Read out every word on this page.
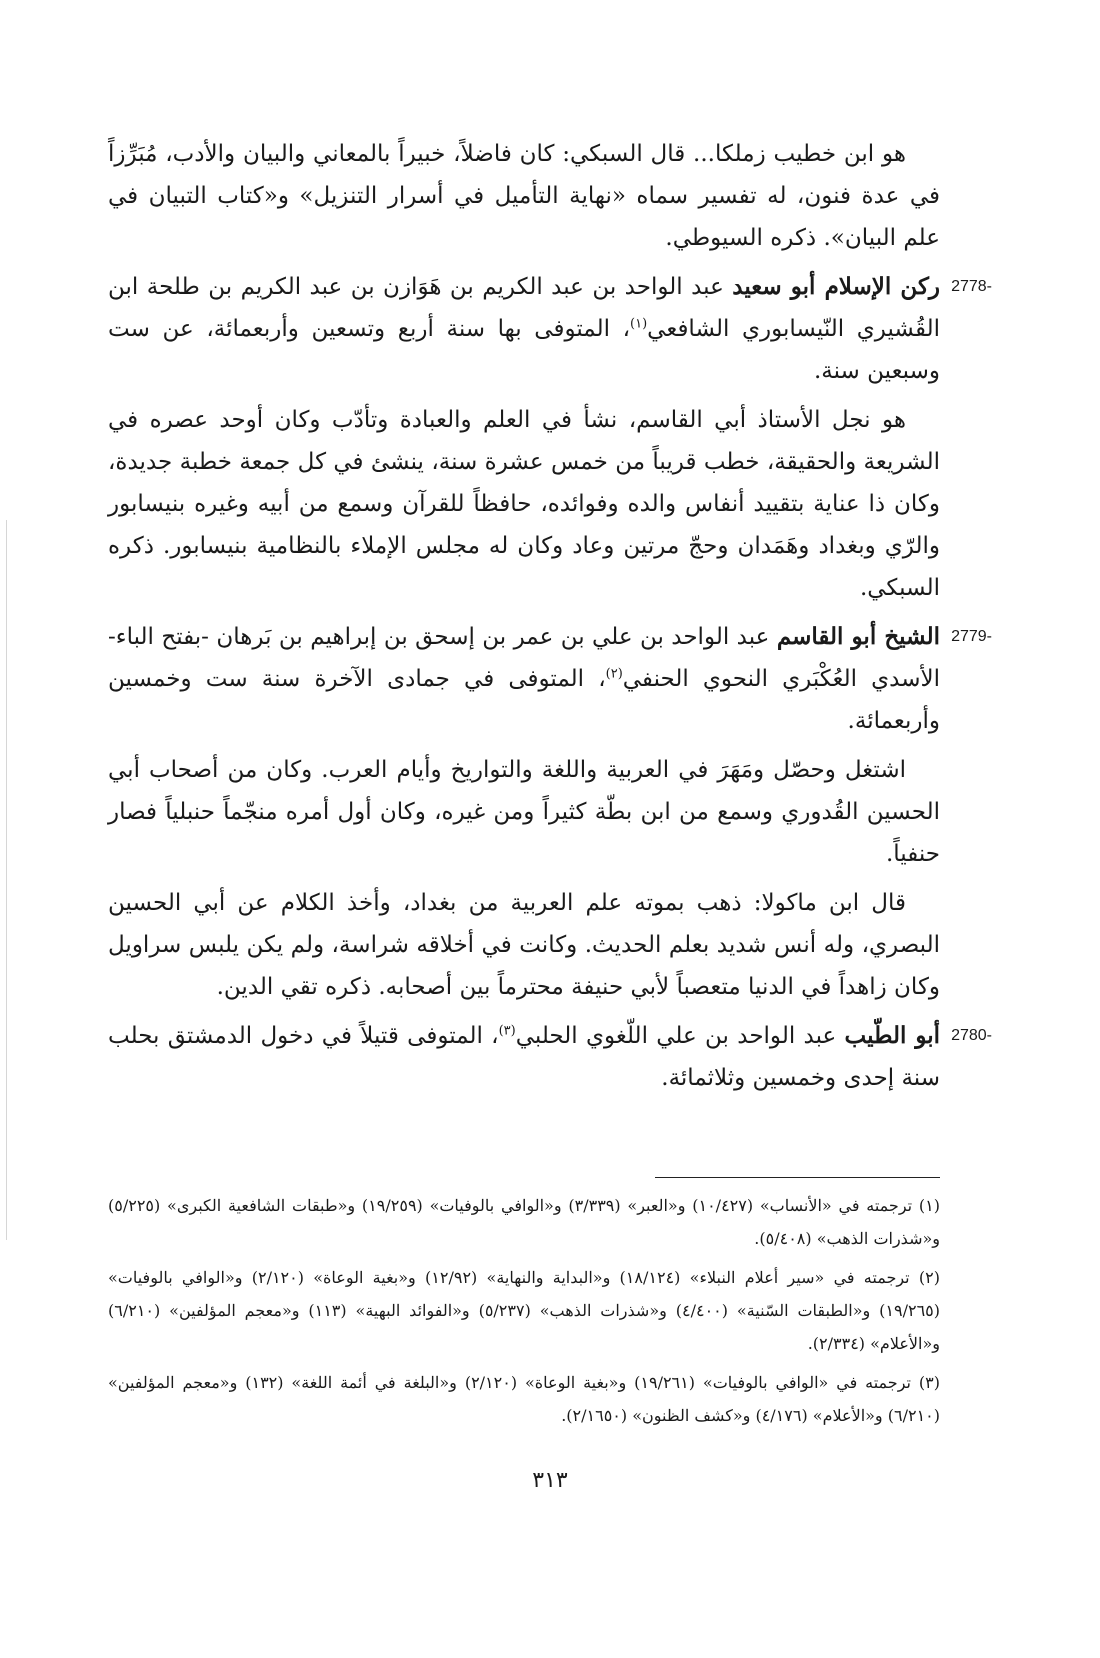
هو ابن خطيب زملكا... قال السبكي: كان فاضلاً، خبيراً بالمعاني والبيان والأدب، مُبَرِّزاً في عدة فنون، له تفسير سماه «نهاية التأميل في أسرار التنزيل» و«كتاب التبيان في علم البيان». ذكره السيوطي.

2778 -
ركن الإسلام أبو سعيد عبد الواحد بن عبد الكريم بن هَوَازن بن عبد الكريم بن طلحة ابن القُشيري النّيسابوري الشافعي$^{(١)}$، المتوفى بها سنة أربع وتسعين وأربعمائة، عن ست وسبعين سنة.

هو نجل الأستاذ أبي القاسم، نشأ في العلم والعبادة وتأدّب وكان أوحد عصره في الشريعة والحقيقة، خطب قريباً من خمس عشرة سنة، ينشئ في كل جمعة خطبة جديدة، وكان ذا عناية بتقييد أنفاس والده وفوائده، حافظاً للقرآن وسمع من أبيه وغيره بنيسابور والرّي وبغداد وهَمَدان وحجّ مرتين وعاد وكان له مجلس الإملاء بالنظامية بنيسابور. ذكره السبكي.

2779 -
الشيخ أبو القاسم عبد الواحد بن علي بن عمر بن إسحق بن إبراهيم بن بَرهان -بفتح الباء- الأسدي العُكْبَري النحوي الحنفي$^{(٢)}$، المتوفى في جمادى الآخرة سنة ست وخمسين وأربعمائة.

اشتغل وحصّل ومَهَرَ في العربية واللغة والتواريخ وأيام العرب. وكان من أصحاب أبي الحسين القُدوري وسمع من ابن بطّة كثيراً ومن غيره، وكان أول أمره منجّماً حنبلياً فصار حنفياً.

قال ابن ماكولا: ذهب بموته علم العربية من بغداد، وأخذ الكلام عن أبي الحسين البصري، وله أنس شديد بعلم الحديث. وكانت في أخلاقه شراسة، ولم يكن يلبس سراويل وكان زاهداً في الدنيا متعصباً لأبي حنيفة محترماً بين أصحابه. ذكره تقي الدين.

2780 -
أبو الطّيب عبد الواحد بن علي اللّغوي الحلبي$^{(٣)}$، المتوفى قتيلاً في دخول الدمشتق بحلب سنة إحدى وخمسين وثلاثمائة.

(١) ترجمته في «الأنساب» (١٠/٤٢٧) و«العبر» (٣/٣٣٩) و«الوافي بالوفيات» (١٩/٢٥٩) و«طبقات الشافعية الكبرى» (٥/٢٢٥) و«شذرات الذهب» (٥/٤٠٨).

(٢) ترجمته في «سير أعلام النبلاء» (١٨/١٢٤) و«البداية والنهاية» (١٢/٩٢) و«بغية الوعاة» (٢/١٢٠) و«الوافي بالوفيات» (١٩/٢٦٥) و«الطبقات السّنية» (٤/٤٠٠) و«شذرات الذهب» (٥/٢٣٧) و«الفوائد البهية» (١١٣) و«معجم المؤلفين» (٦/٢١٠) و«الأعلام» (٢/٣٣٤).

(٣) ترجمته في «الوافي بالوفيات» (١٩/٢٦١) و«بغية الوعاة» (٢/١٢٠) و«البلغة في أئمة اللغة» (١٣٢) و«معجم المؤلفين» (٦/٢١٠) و«الأعلام» (٤/١٧٦) و«كشف الظنون» (٢/١٦٥٠).

٣١٣
